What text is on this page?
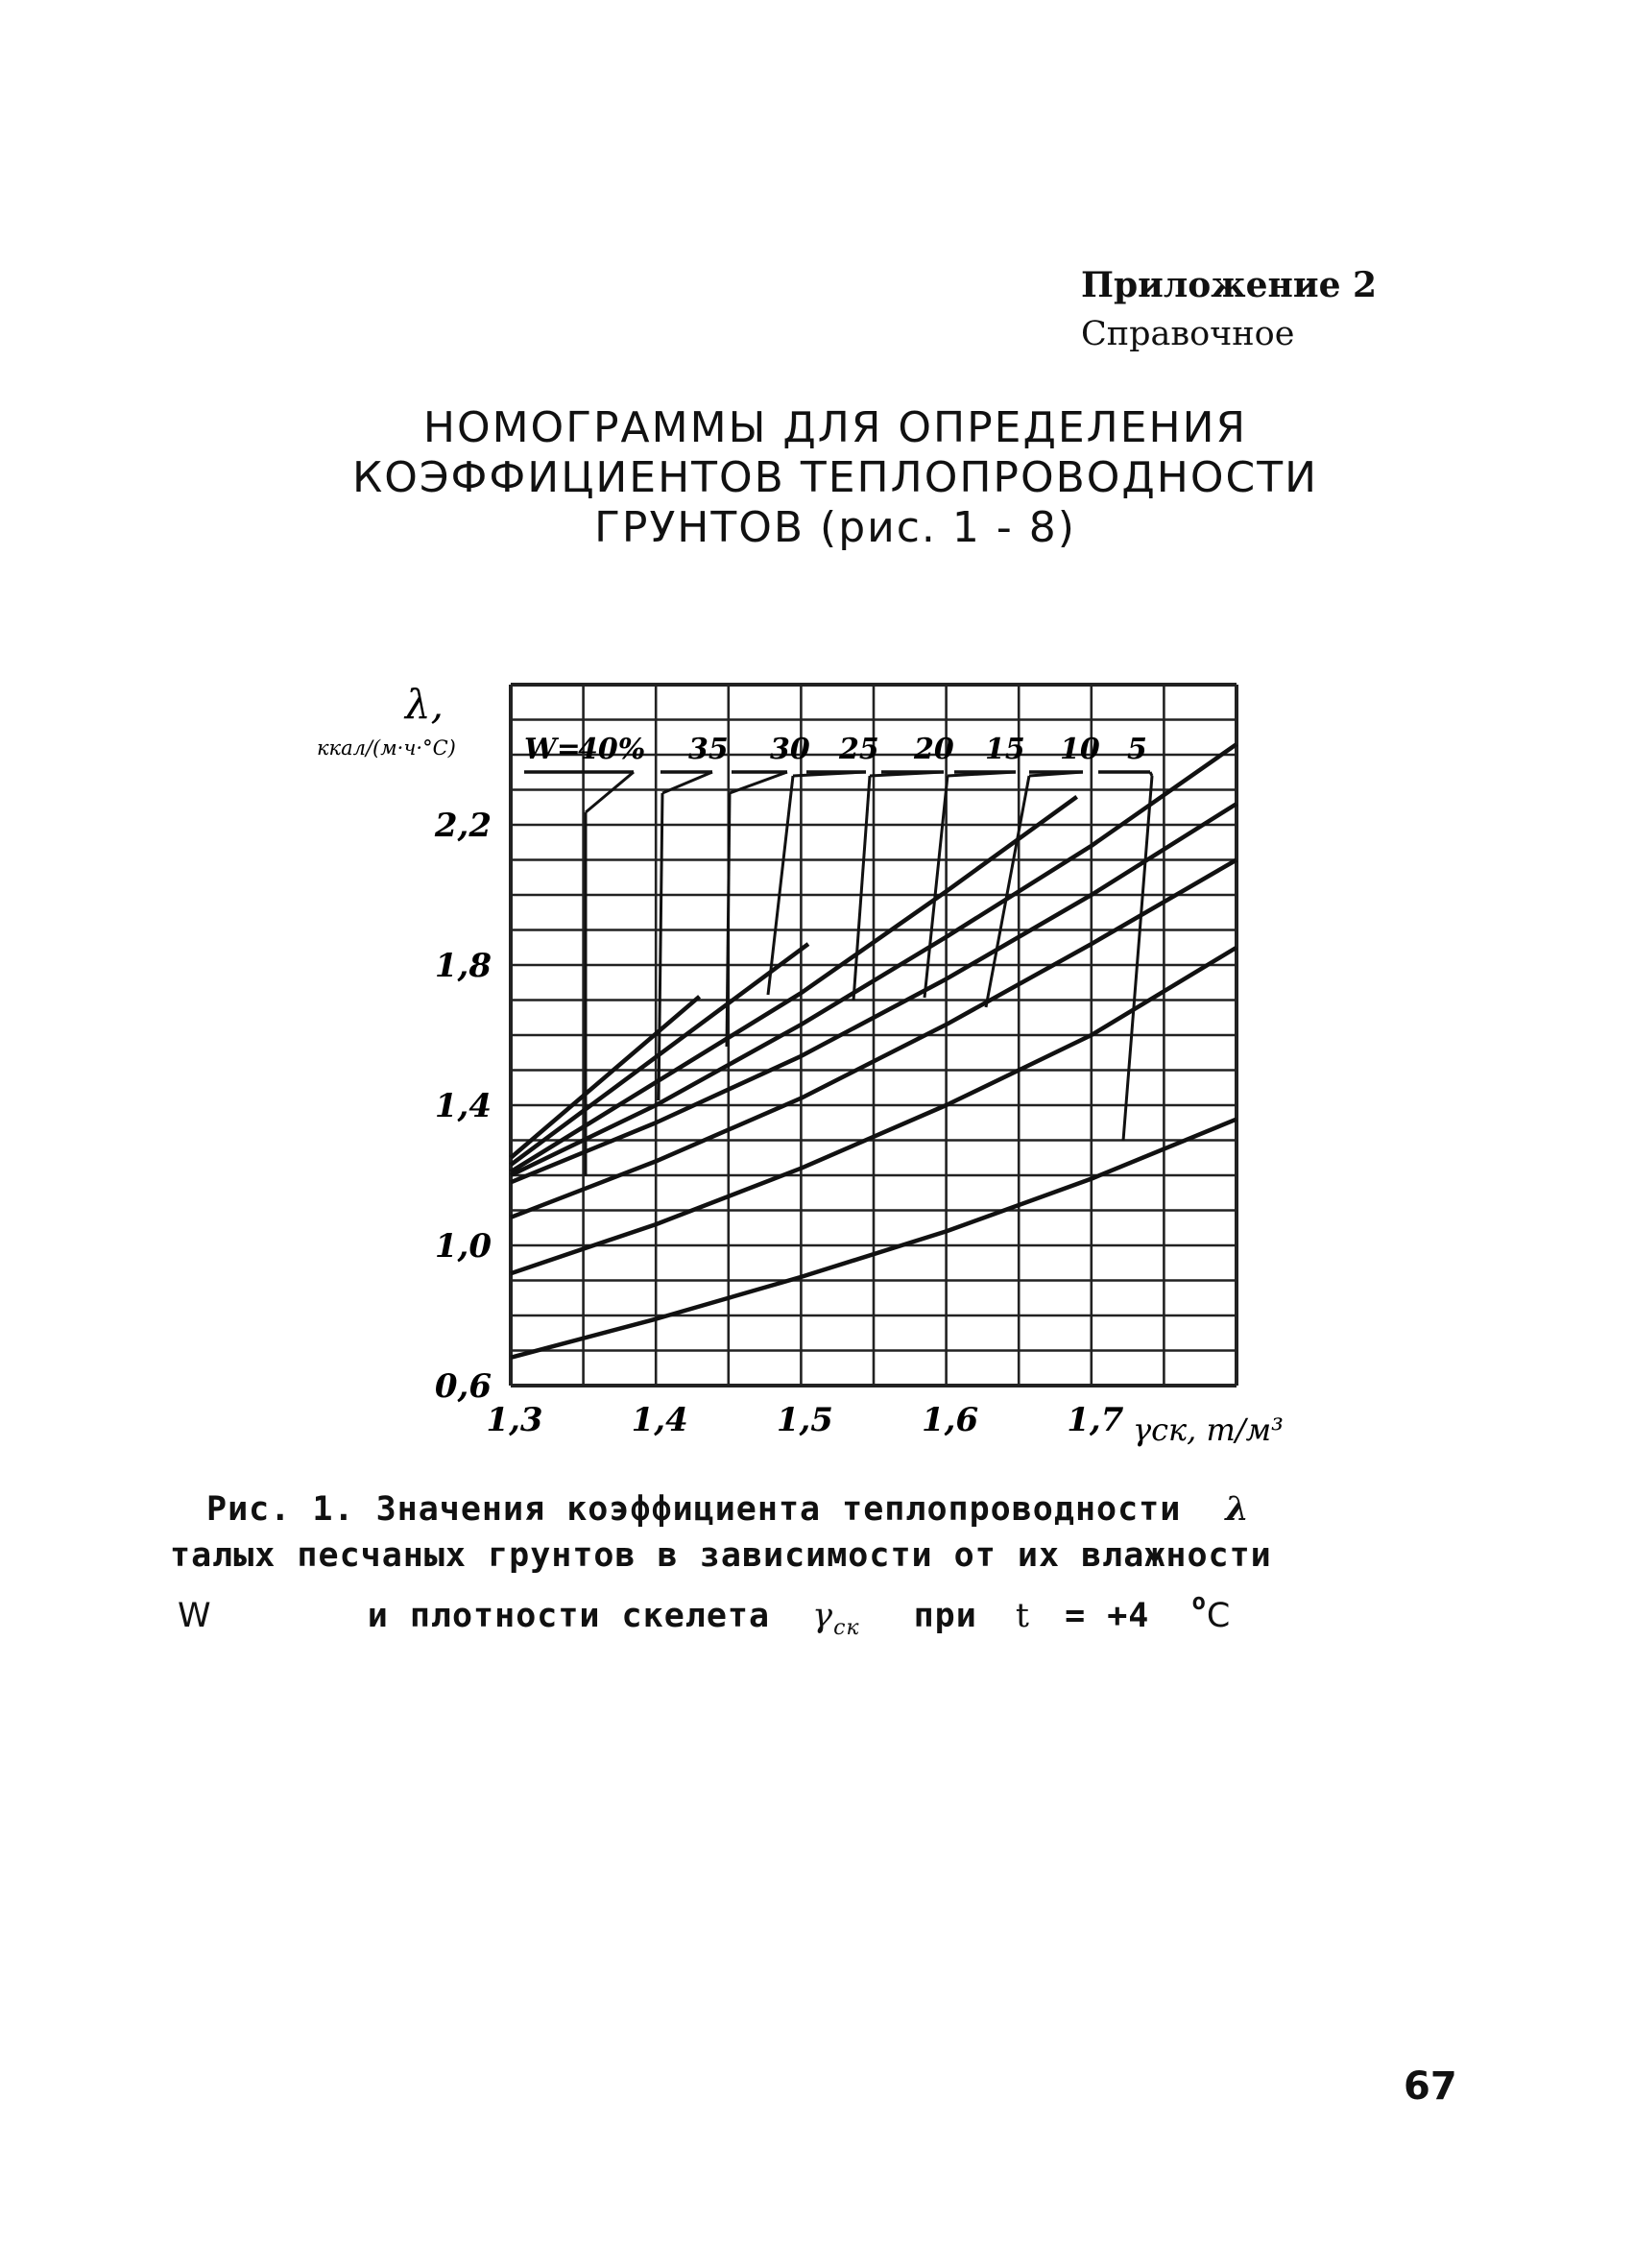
Приложение 2
Справочное
НОМОГРАММЫ ДЛЯ ОПРЕДЕЛЕНИЯ
КОЭФФИЦИЕНТОВ ТЕПЛОПРОВОДНОСТИ
ГРУНТОВ (рис. 1 - 8)
W=
40% 35 30 25 20 15 10 5
0,6
1,0
1,4
1,8
2,2
1,3	1,4	1,5	1,6	1,7
λ,
ккал/(м·ч·°С)
γск, т/м³
Рис. 1. Значения коэффициента теплопроводности λ
талых песчаных грунтов в зависимости от их влажности
W	и плотности скелета $\gamma_{ск}$ при t = +4 $^o$C
67
